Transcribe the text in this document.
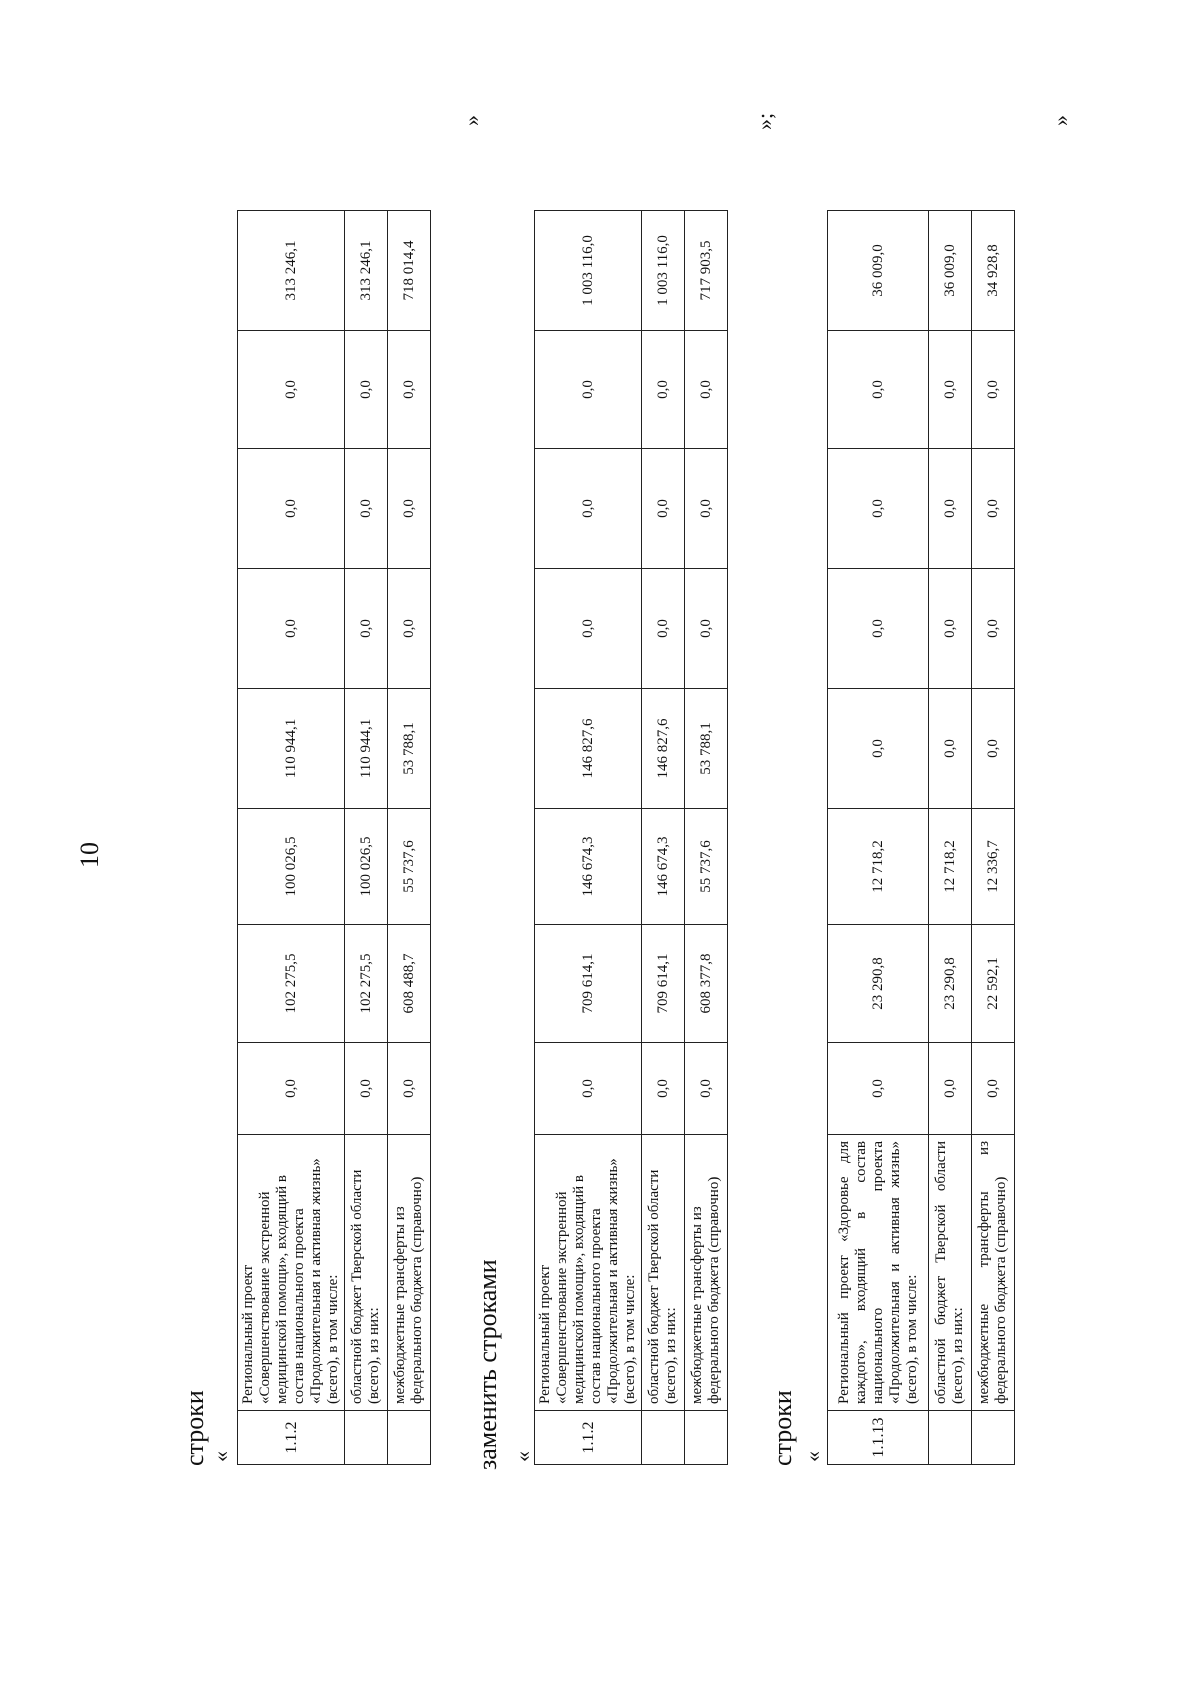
10
строки «
1.1.2	Региональный проект «Совершенствование экстренной медицинской помощи», входящий в состав национального проекта «Продолжительная и активная жизнь» (всего), в том числе:	0,0	102 275,5	100 026,5	110 944,1	0,0	0,0	0,0	313 246,1
	областной бюджет Тверской области (всего), из них:	0,0	102 275,5	100 026,5	110 944,1	0,0	0,0	0,0	313 246,1
	межбюджетные трансферты из федерального бюджета (справочно)	0,0	608 488,7	55 737,6	53 788,1	0,0	0,0	0,0	718 014,4
»
заменить строками «
1.1.2	Региональный проект «Совершенствование экстренной медицинской помощи», входящий в состав национального проекта «Продолжительная и активная жизнь» (всего), в том числе:	0,0	709 614,1	146 674,3	146 827,6	0,0	0,0	0,0	1 003 116,0
	областной бюджет Тверской области (всего), из них:	0,0	709 614,1	146 674,3	146 827,6	0,0	0,0	0,0	1 003 116,0
	межбюджетные трансферты из федерального бюджета (справочно)	0,0	608 377,8	55 737,6	53 788,1	0,0	0,0	0,0	717 903,5
»;
строки «	1.1.13	Региональный проект «Здоровье для каждого», входящий в состав национального проекта «Продолжительная и активная жизнь» (всего), в том числе:	0,0	23 290,8	12 718,2	0,0	0,0	0,0	0,0	36 009,0
	областной бюджет Тверской области (всего), из них:	0,0	23 290,8	12 718,2	0,0	0,0	0,0	0,0	36 009,0
	межбюджетные трансферты из федерального бюджета (справочно)	0,0	22 592,1	12 336,7	0,0	0,0	0,0	0,0	34 928,8
»
